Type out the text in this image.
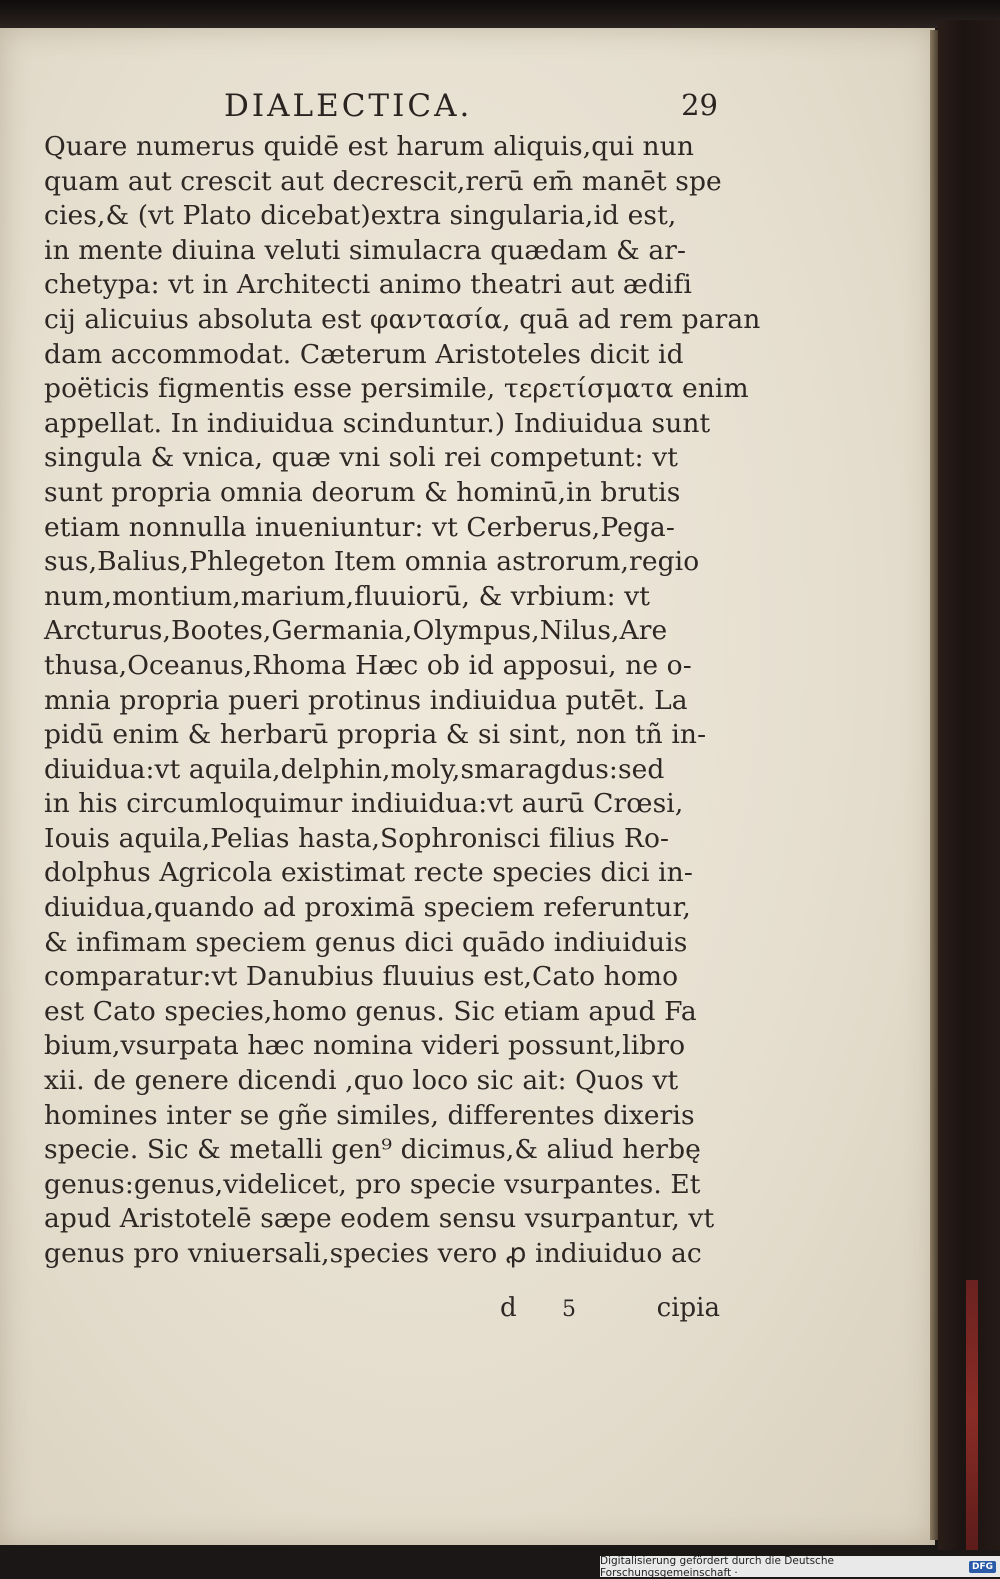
DIALECTICA.	29
Quare numerus quidē est harum aliquis,qui nun
quam aut crescit aut decrescit,rerū em̄ manēt spe
cies,& (vt Plato dicebat)extra singularia,id est,
in mente diuina veluti simulacra quædam & ar-
chetypa: vt in Architecti animo theatri aut ædifi
cij alicuius absoluta est φαντασία, quā ad rem paran
dam accommodat. Cæterum Aristoteles dicit id
poëticis figmentis esse persimile, τερετίσματα enim
appellat. In indiuidua scinduntur.) Indiuidua sunt
singula & vnica, quæ vni soli rei competunt: vt
sunt propria omnia deorum & hominū,in brutis
etiam nonnulla inueniuntur: vt Cerberus,Pega-
sus,Balius,Phlegeton Item omnia astrorum,regio
num,montium,marium,fluuiorū, & vrbium: vt
Arcturus,Bootes,Germania,Olympus,Nilus,Are
thusa,Oceanus,Rhoma Hæc ob id apposui, ne o-
mnia propria pueri protinus indiuidua putēt. La
pidū enim & herbarū propria & si sint, non tñ in-
diuidua:vt aquila,delphin,moly,smaragdus:sed
in his circumloquimur indiuidua:vt aurū Crœsi,
Iouis aquila,Pelias hasta,Sophronisci filius Ro-
dolphus Agricola existimat recte species dici in-
diuidua,quando ad proximā speciem referuntur,
& infimam speciem genus dici quādo indiuiduis
comparatur:vt Danubius fluuius est,Cato homo
est Cato species,homo genus. Sic etiam apud Fa
bium,vsurpata hæc nomina videri possunt,libro
xii. de genere dicendi ,quo loco sic ait: Quos vt
homines inter se gñe similes, differentes dixeris
specie. Sic & metalli gen⁹ dicimus,& aliud herbę
genus:genus,videlicet, pro specie vsurpantes. Et
apud Aristotelē sæpe eodem sensu vsurpantur, vt
genus pro vniuersali,species vero ꝓ indiuiduo ac
d 5	cipia
Digitalisierung gefördert durch die Deutsche Forschungsgemeinschaft ·	DFG
